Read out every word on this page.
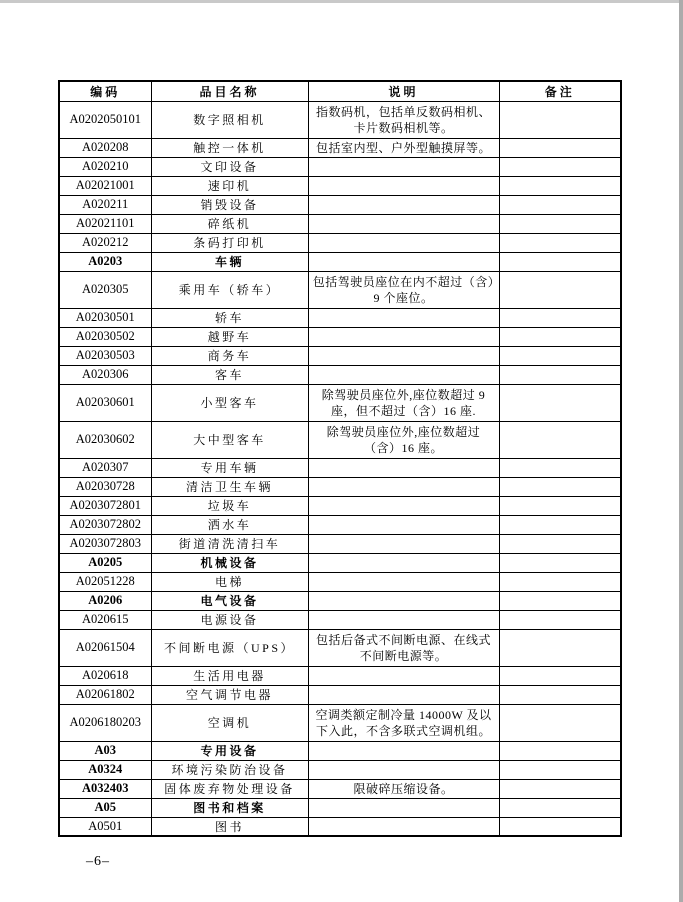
编码	品目名称	说明	备注
A0202050101	数字照相机	指数码机，包括单反数码相机、卡片数码相机等。	
A020208	触控一体机	包括室内型、户外型触摸屏等。	
A020210	文印设备		
A02021001	速印机		
A020211	销毁设备		
A02021101	碎纸机		
A020212	条码打印机		
A0203	车辆		
A020305	乘用车（轿车）	包括驾驶员座位在内不超过（含）9 个座位。	
A02030501	轿车		
A02030502	越野车		
A02030503	商务车		
A020306	客车		
A02030601	小型客车	除驾驶员座位外,座位数超过 9 座，但不超过（含）16 座.	
A02030602	大中型客车	除驾驶员座位外,座位数超过（含）16 座。	
A020307	专用车辆		
A02030728	清洁卫生车辆		
A0203072801	垃圾车		
A0203072802	洒水车		
A0203072803	街道清洗清扫车		
A0205	机械设备		
A02051228	电梯		
A0206	电气设备		
A020615	电源设备		
A02061504	不间断电源（UPS）	包括后备式不间断电源、在线式不间断电源等。	
A020618	生活用电器		
A02061802	空气调节电器		
A0206180203	空调机	空调类额定制冷量 14000W 及以下入此，不含多联式空调机组。	
A03	专用设备		
A0324	环境污染防治设备		
A032403	固体废弃物处理设备	限破碎压缩设备。	
A05	图书和档案		
A0501	图书		
–6–
